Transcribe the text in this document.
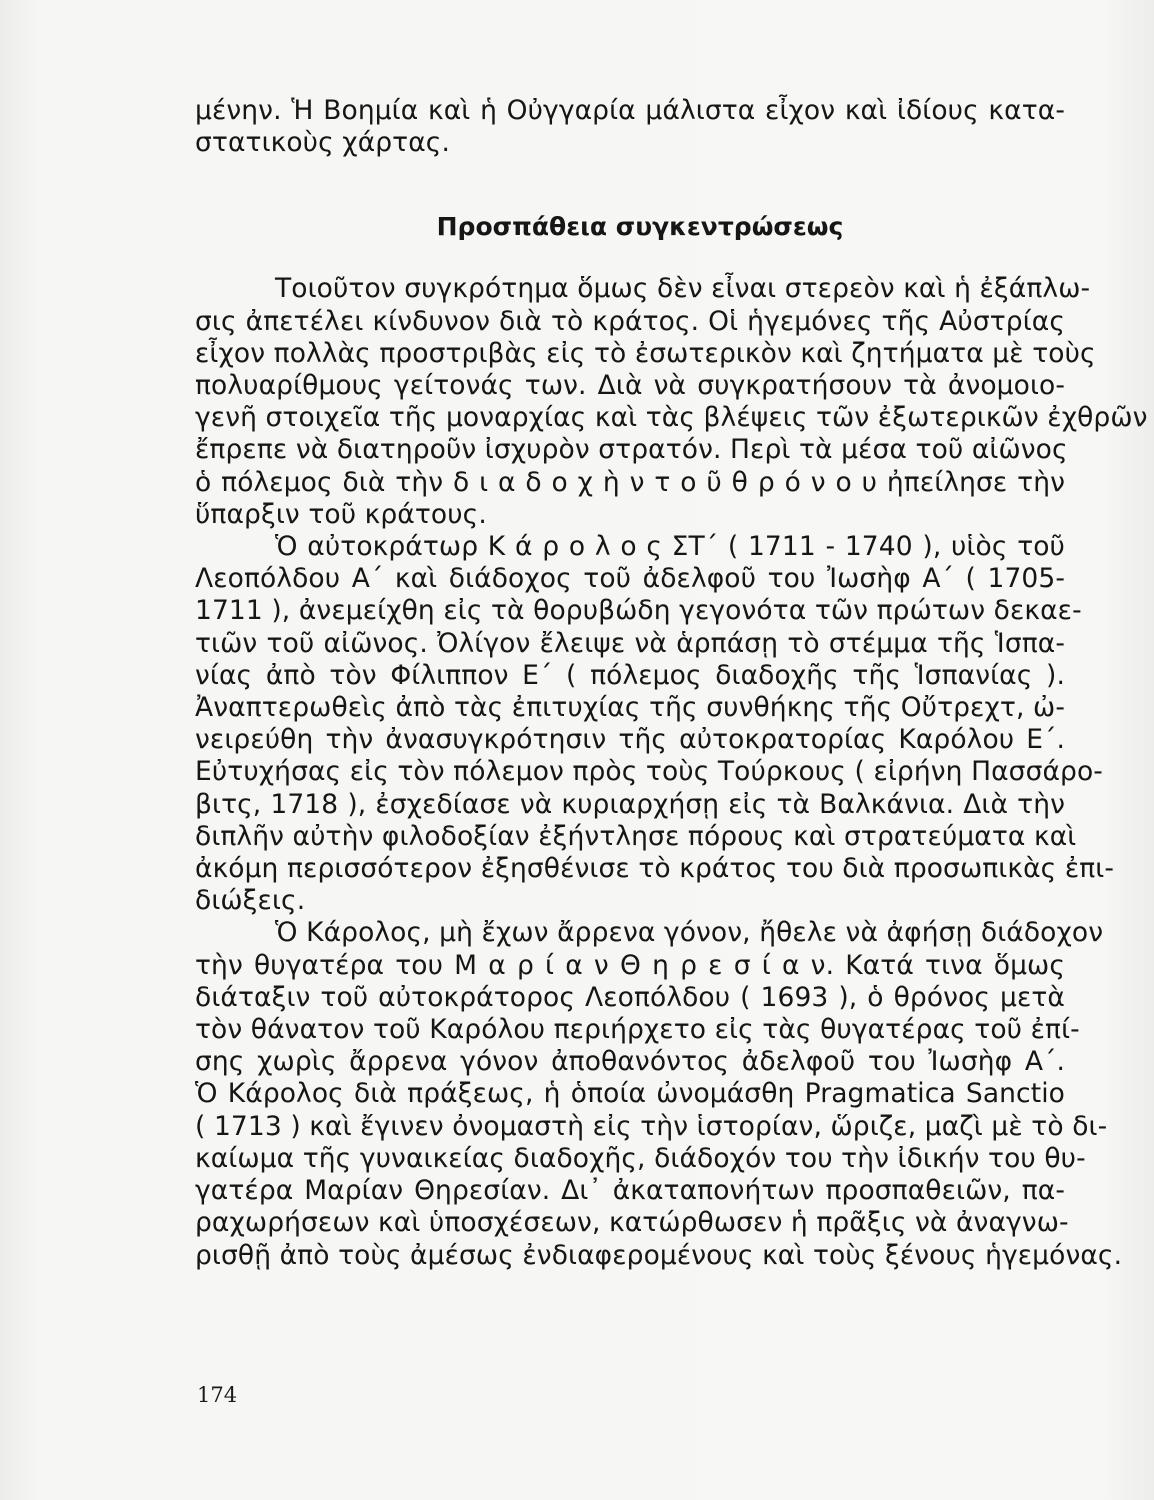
μένην. Ἡ Βοημία καὶ ἡ Οὐγγαρία μάλιστα εἶχον καὶ ἰδίους κατα-
στατικοὺς χάρτας.
Προσπάθεια συγκεντρώσεως
Τοιοῦτον συγκρότημα ὅμως δὲν εἶναι στερεὸν καὶ ἡ ἐξάπλω-
σις ἀπετέλει κίνδυνον διὰ τὸ κράτος. Οἱ ἡγεμόνες τῆς Αὐστρίας
εἶχον πολλὰς προστριβὰς εἰς τὸ ἐσωτερικὸν καὶ ζητήματα μὲ τοὺς
πολυαρίθμους γείτονάς των. Διὰ νὰ συγκρατήσουν τὰ ἀνομοιο-
γενῆ στοιχεῖα τῆς μοναρχίας καὶ τὰς βλέψεις τῶν ἐξωτερικῶν ἐχθρῶν
ἔπρεπε νὰ διατηροῦν ἰσχυρὸν στρατόν. Περὶ τὰ μέσα τοῦ αἰῶνος
ὁ πόλεμος διὰ τὴν δ ι α δ ο χ ὴ ν τ ο ῦ θ ρ ό ν ο υ ἠπείλησε τὴν
ὕπαρξιν τοῦ κράτους.
Ὁ αὐτοκράτωρ Κ ά ρ ο λ ο ς ΣΤ΄ ( 1711 - 1740 ), υἱὸς τοῦ
Λεοπόλδου Α΄ καὶ διάδοχος τοῦ ἀδελφοῦ του Ἰωσὴφ Α΄ ( 1705-
1711 ), ἀνεμείχθη εἰς τὰ θορυβώδη γεγονότα τῶν πρώτων δεκαε-
τιῶν τοῦ αἰῶνος. Ὀλίγον ἔλειψε νὰ ἁρπάσῃ τὸ στέμμα τῆς Ἱσπα-
νίας ἀπὸ τὸν Φίλιππον Ε΄ ( πόλεμος διαδοχῆς τῆς Ἱσπανίας ).
Ἀναπτερωθεὶς ἀπὸ τὰς ἐπιτυχίας τῆς συνθήκης τῆς Οὔτρεχτ, ὠ-
νειρεύθη τὴν ἀνασυγκρότησιν τῆς αὐτοκρατορίας Καρόλου Ε΄.
Εὐτυχήσας εἰς τὸν πόλεμον πρὸς τοὺς Τούρκους ( εἰρήνη Πασσάρο-
βιτς, 1718 ), ἐσχεδίασε νὰ κυριαρχήσῃ εἰς τὰ Βαλκάνια. Διὰ τὴν
διπλῆν αὐτὴν φιλοδοξίαν ἐξήντλησε πόρους καὶ στρατεύματα καὶ
ἀκόμη περισσότερον ἐξησθένισε τὸ κράτος του διὰ προσωπικὰς ἐπι-
διώξεις.
Ὁ Κάρολος, μὴ ἔχων ἄρρενα γόνον, ἤθελε νὰ ἀφήσῃ διάδοχον
τὴν θυγατέρα του Μ α ρ ί α ν Θ η ρ ε σ ί α ν. Κατά τινα ὅμως
διάταξιν τοῦ αὐτοκράτορος Λεοπόλδου ( 1693 ), ὁ θρόνος μετὰ
τὸν θάνατον τοῦ Καρόλου περιήρχετο εἰς τὰς θυγατέρας τοῦ ἐπί-
σης χωρὶς ἄρρενα γόνον ἀποθανόντος ἀδελφοῦ του Ἰωσὴφ Α΄.
Ὁ Κάρολος διὰ πράξεως, ἡ ὁποία ὠνομάσθη Pragmatica Sanctio
( 1713 ) καὶ ἔγινεν ὀνομαστὴ εἰς τὴν ἱστορίαν, ὥριζε, μαζὶ μὲ τὸ δι-
καίωμα τῆς γυναικείας διαδοχῆς, διάδοχόν του τὴν ἰδικήν του θυ-
γατέρα Μαρίαν Θηρεσίαν. Δι᾿ ἀκαταπονήτων προσπαθειῶν, πα-
ραχωρήσεων καὶ ὑποσχέσεων, κατώρθωσεν ἡ πρᾶξις νὰ ἀναγνω-
ρισθῇ ἀπὸ τοὺς ἀμέσως ἐνδιαφερομένους καὶ τοὺς ξένους ἡγεμόνας.
174
